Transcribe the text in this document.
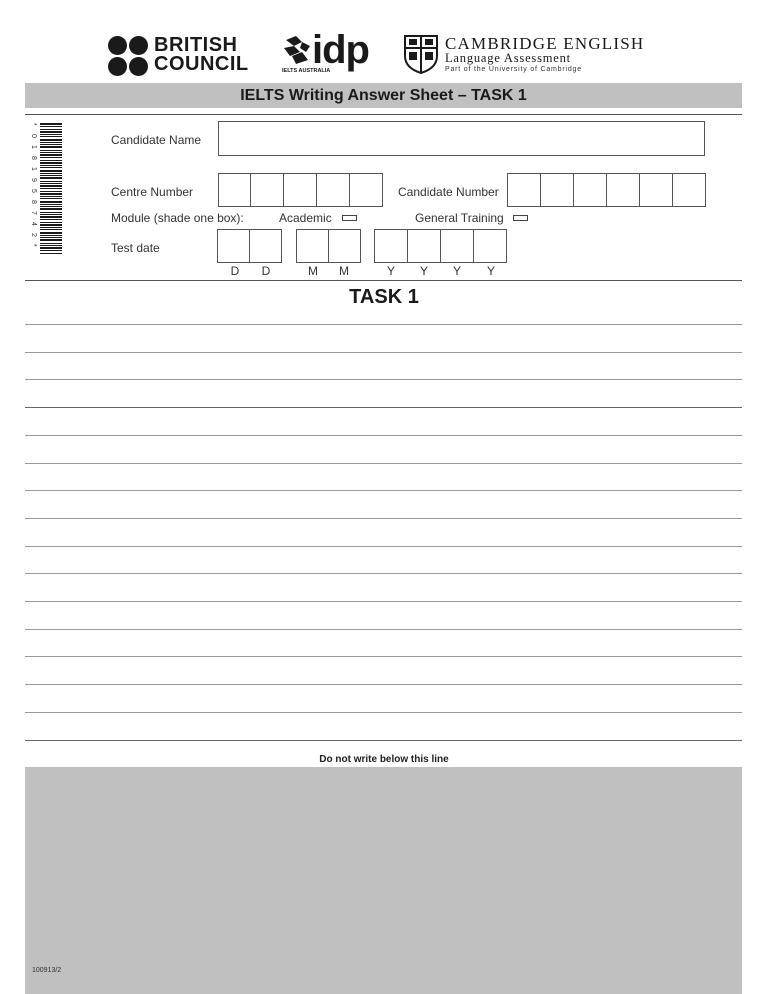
BRITISH
COUNCIL idp
IELTS AUSTRALIA
CAMBRIDGE ENGLISH
Language Assessment
Part of the University of Cambridge
IELTS Writing Answer Sheet – TASK 1
*
0
1
8
1
9
5
8
7
4
2
*
Candidate Name
Centre Number	Candidate Number
Module (shade one box):	Academic	General Training
Test date
D D	M M	Y Y Y Y
TASK 1
Do not write below this line
100913/2
